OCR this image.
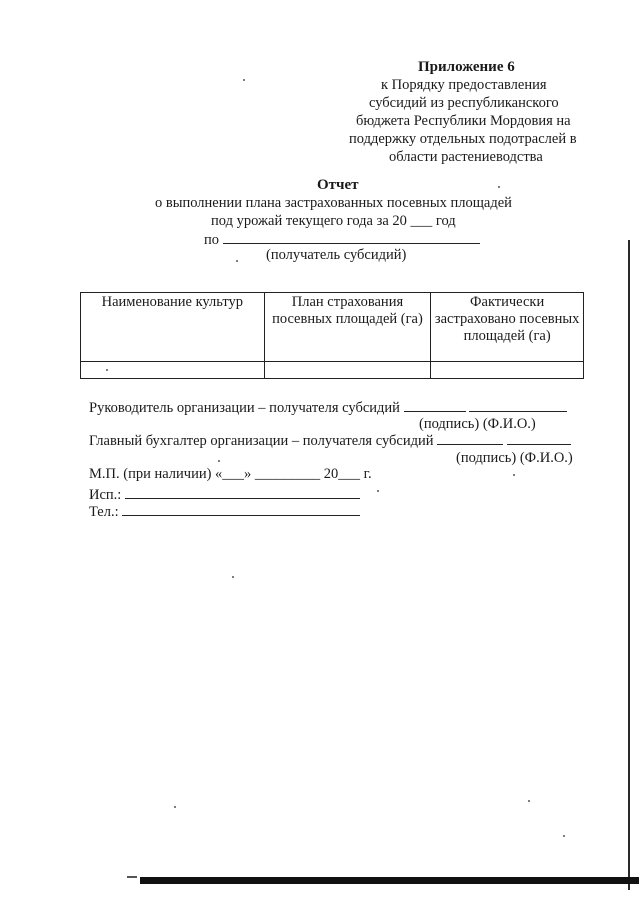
Приложение 6
к Порядку предоставления
субсидий из республиканского
бюджета Республики Мордовия на
поддержку отдельных подотраслей в
области растениеводства
Отчет
о выполнении плана застрахованных посевных площадей
под урожай текущего года за 20 ___ год
по
(получатель субсидий)
Наименование культур	План страхования посевных площадей (га)	Фактически застраховано посевных площадей (га)

Руководитель организации – получателя субсидий
(подпись) (Ф.И.О.)
Главный бухгалтер организации – получателя субсидий
(подпись) (Ф.И.О.)
М.П. (при наличии) «___» _________ 20___ г.
Исп.:
Тел.:
